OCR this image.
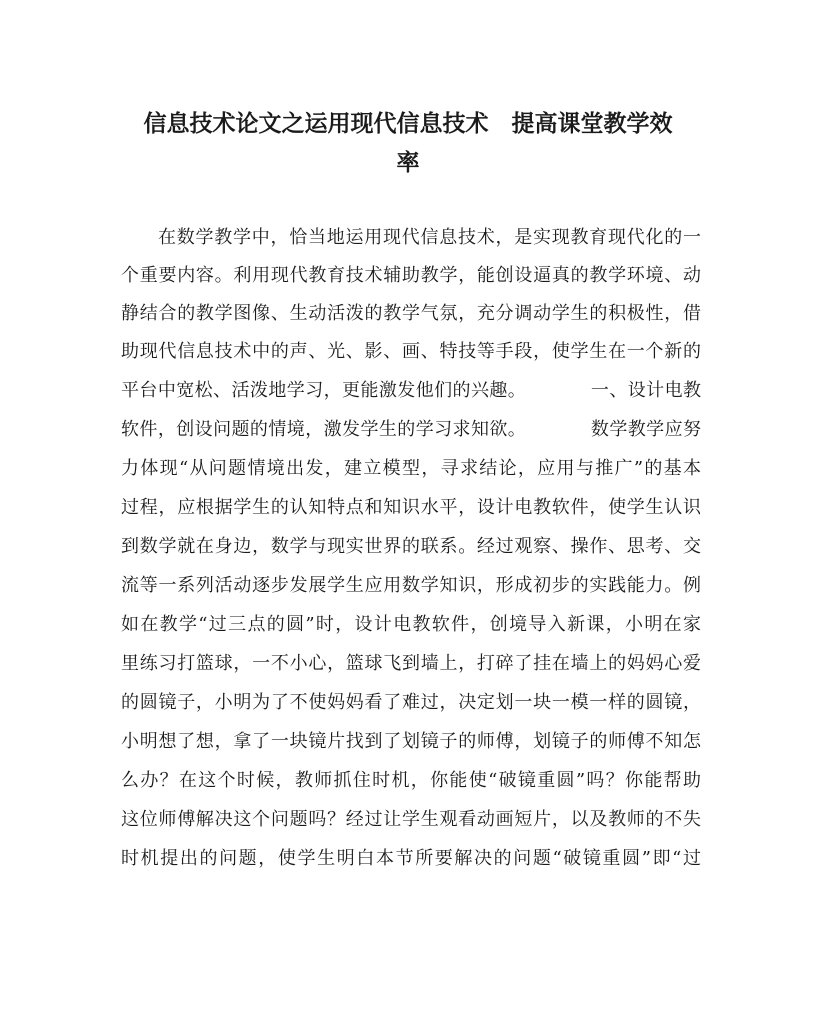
信息技术论文之运用现代信息技术　提高课堂教学效
率
在数学教学中，恰当地运用现代信息技术，是实现教育现代化的一
个重要内容。利用现代教育技术辅助教学，能创设逼真的教学环境、动
静结合的教学图像、生动活泼的教学气氛，充分调动学生的积极性，借
助现代信息技术中的声、光、影、画、特技等手段，使学生在一个新的
平台中宽松、活泼地学习，更能激发他们的兴趣。　　　　一、设计电教
软件，创设问题的情境，激发学生的学习求知欲。　　　　数学教学应努
力体现“从问题情境出发，建立模型，寻求结论，应用与推广”的基本
过程，应根据学生的认知特点和知识水平，设计电教软件，使学生认识
到数学就在身边，数学与现实世界的联系。经过观察、操作、思考、交
流等一系列活动逐步发展学生应用数学知识，形成初步的实践能力。例
如在教学“过三点的圆”时，设计电教软件，创境导入新课，小明在家
里练习打篮球，一不小心，篮球飞到墙上，打碎了挂在墙上的妈妈心爱
的圆镜子，小明为了不使妈妈看了难过，决定划一块一模一样的圆镜，
小明想了想，拿了一块镜片找到了划镜子的师傅，划镜子的师傅不知怎
么办？在这个时候，教师抓住时机，你能使“破镜重圆”吗？你能帮助
这位师傅解决这个问题吗？经过让学生观看动画短片，以及教师的不失
时机提出的问题，使学生明白本节所要解决的问题“破镜重圆”即“过
